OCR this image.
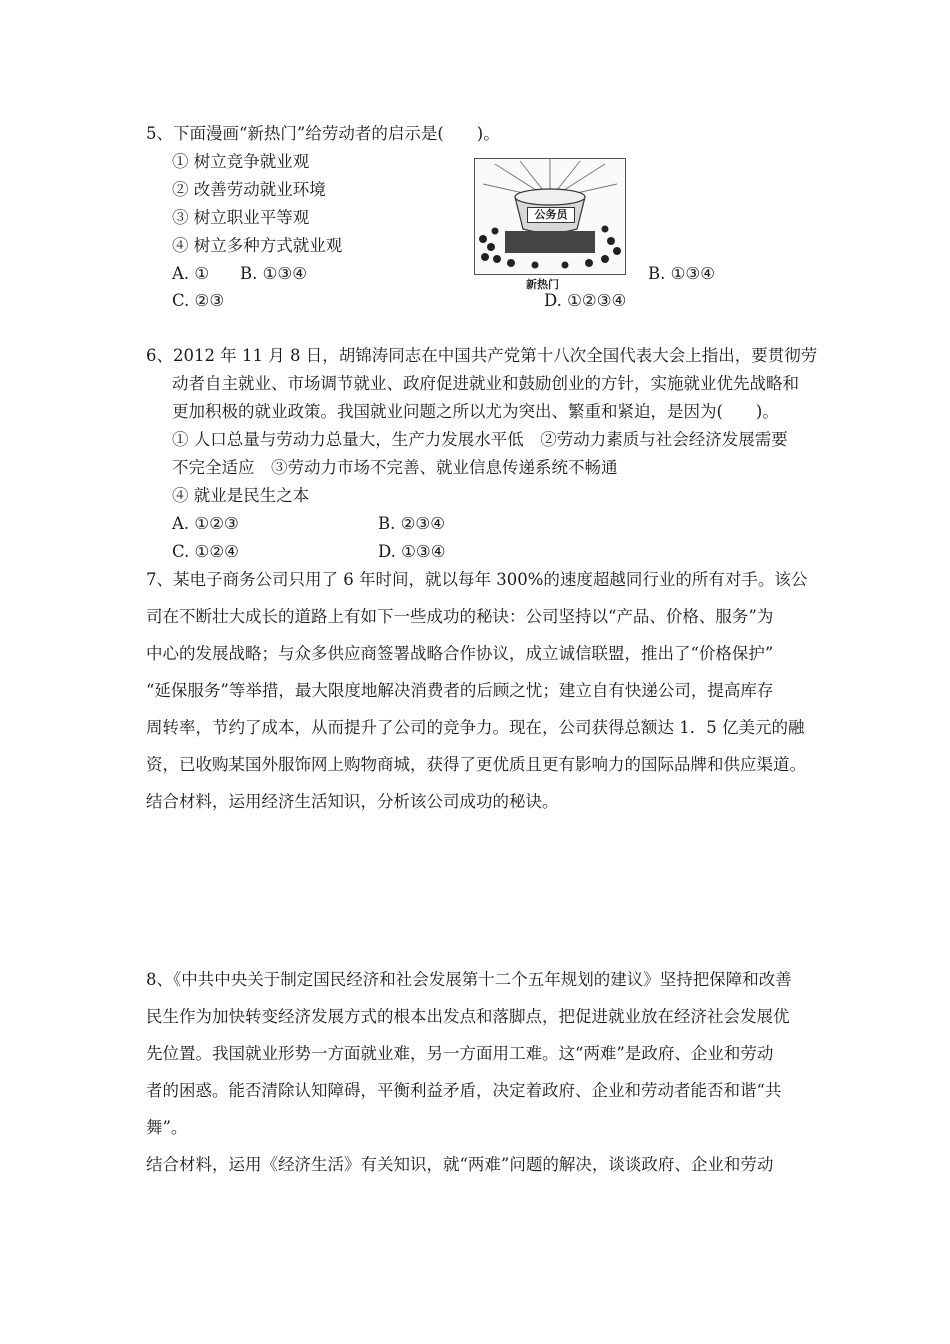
5、下面漫画“新热门”给劳动者的启示是(　　)。
① 树立竞争就业观
② 改善劳动就业环境
③ 树立职业平等观
④ 树立多种方式就业观
A. ① B. ①③④	B. ①③④
C. ②③	D. ①②③④
公务员
新热门
6、2012 年 11 月 8 日，胡锦涛同志在中国共产党第十八次全国代表大会上指出，要贯彻劳
动者自主就业、市场调节就业、政府促进就业和鼓励创业的方针，实施就业优先战略和
更加积极的就业政策。我国就业问题之所以尤为突出、繁重和紧迫，是因为(　　)。
① 人口总量与劳动力总量大，生产力发展水平低　②劳动力素质与社会经济发展需要
不完全适应　③劳动力市场不完善、就业信息传递系统不畅通
④ 就业是民生之本
A. ①②③	B. ②③④
C. ①②④	D. ①③④
7、某电子商务公司只用了 6 年时间，就以每年 300%的速度超越同行业的所有对手。该公
司在不断壮大成长的道路上有如下一些成功的秘诀：公司坚持以“产品、价格、服务”为
中心的发展战略；与众多供应商签署战略合作协议，成立诚信联盟，推出了“价格保护”
“延保服务”等举措，最大限度地解决消费者的后顾之忧；建立自有快递公司，提高库存
周转率，节约了成本，从而提升了公司的竞争力。现在，公司获得总额达 1．5 亿美元的融
资，已收购某国外服饰网上购物商城，获得了更优质且更有影响力的国际品牌和供应渠道。
结合材料，运用经济生活知识，分析该公司成功的秘诀。
8、《中共中央关于制定国民经济和社会发展第十二个五年规划的建议》坚持把保障和改善
民生作为加快转变经济发展方式的根本出发点和落脚点，把促进就业放在经济社会发展优
先位置。我国就业形势一方面就业难，另一方面用工难。这“两难”是政府、企业和劳动
者的困惑。能否清除认知障碍，平衡利益矛盾，决定着政府、企业和劳动者能否和谐“共
舞”。
结合材料，运用《经济生活》有关知识，就“两难”问题的解决，谈谈政府、企业和劳动
